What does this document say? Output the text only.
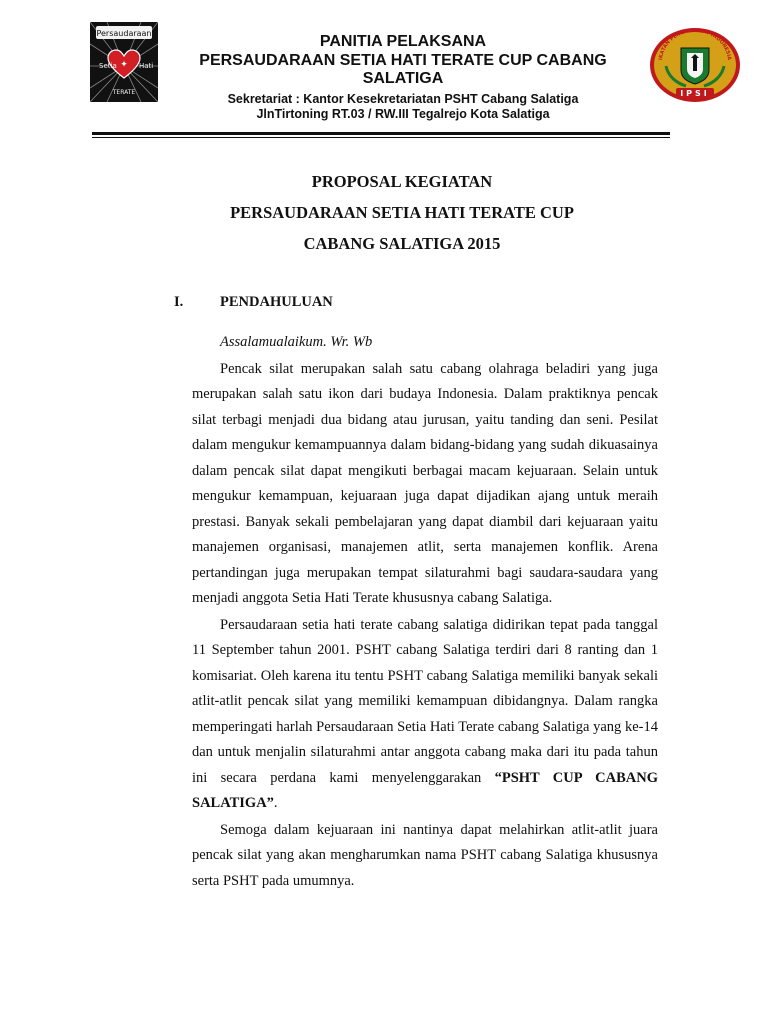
Persaudaraan
✦
Setia	Hati
TERATE
PANITIA PELAKSANA
PERSAUDARAAN SETIA HATI TERATE CUP CABANG
SALATIGA
Sekretariat : Kantor Kesekretariatan PSHT Cabang Salatiga
JlnTirtoning RT.03 / RW.III Tegalrejo Kota Salatiga
IKATAN PENCAK SILAT INDONESIA
IPSI
PROPOSAL KEGIATAN
PERSAUDARAAN SETIA HATI TERATE CUP
CABANG SALATIGA 2015
I.	PENDAHULUAN

Assalamualaikum. Wr. Wb

Pencak silat merupakan salah satu cabang olahraga beladiri yang juga merupakan salah satu ikon dari budaya Indonesia. Dalam praktiknya pencak silat terbagi menjadi dua bidang atau jurusan, yaitu tanding dan seni. Pesilat dalam mengukur kemampuannya dalam bidang-bidang yang sudah dikuasainya dalam pencak silat dapat mengikuti berbagai macam kejuaraan. Selain untuk mengukur kemampuan, kejuaraan juga dapat dijadikan ajang untuk meraih prestasi. Banyak sekali pembelajaran yang dapat diambil dari kejuaraan yaitu manajemen organisasi, manajemen atlit, serta manajemen konflik. Arena pertandingan juga merupakan tempat silaturahmi bagi saudara-saudara yang menjadi anggota Setia Hati Terate khususnya cabang Salatiga.

Persaudaraan setia hati terate cabang salatiga didirikan tepat pada tanggal 11 September tahun 2001. PSHT cabang Salatiga terdiri dari 8 ranting dan 1 komisariat. Oleh karena itu tentu PSHT cabang Salatiga memiliki banyak sekali atlit-atlit pencak silat yang memiliki kemampuan dibidangnya. Dalam rangka memperingati harlah Persaudaraan Setia Hati Terate cabang Salatiga yang ke-14 dan untuk menjalin silaturahmi antar anggota cabang maka dari itu pada tahun ini secara perdana kami menyelenggarakan “PSHT CUP CABANG SALATIGA”.

Semoga dalam kejuaraan ini nantinya dapat melahirkan atlit-atlit juara pencak silat yang akan mengharumkan nama PSHT cabang Salatiga khususnya serta PSHT pada umumnya.
